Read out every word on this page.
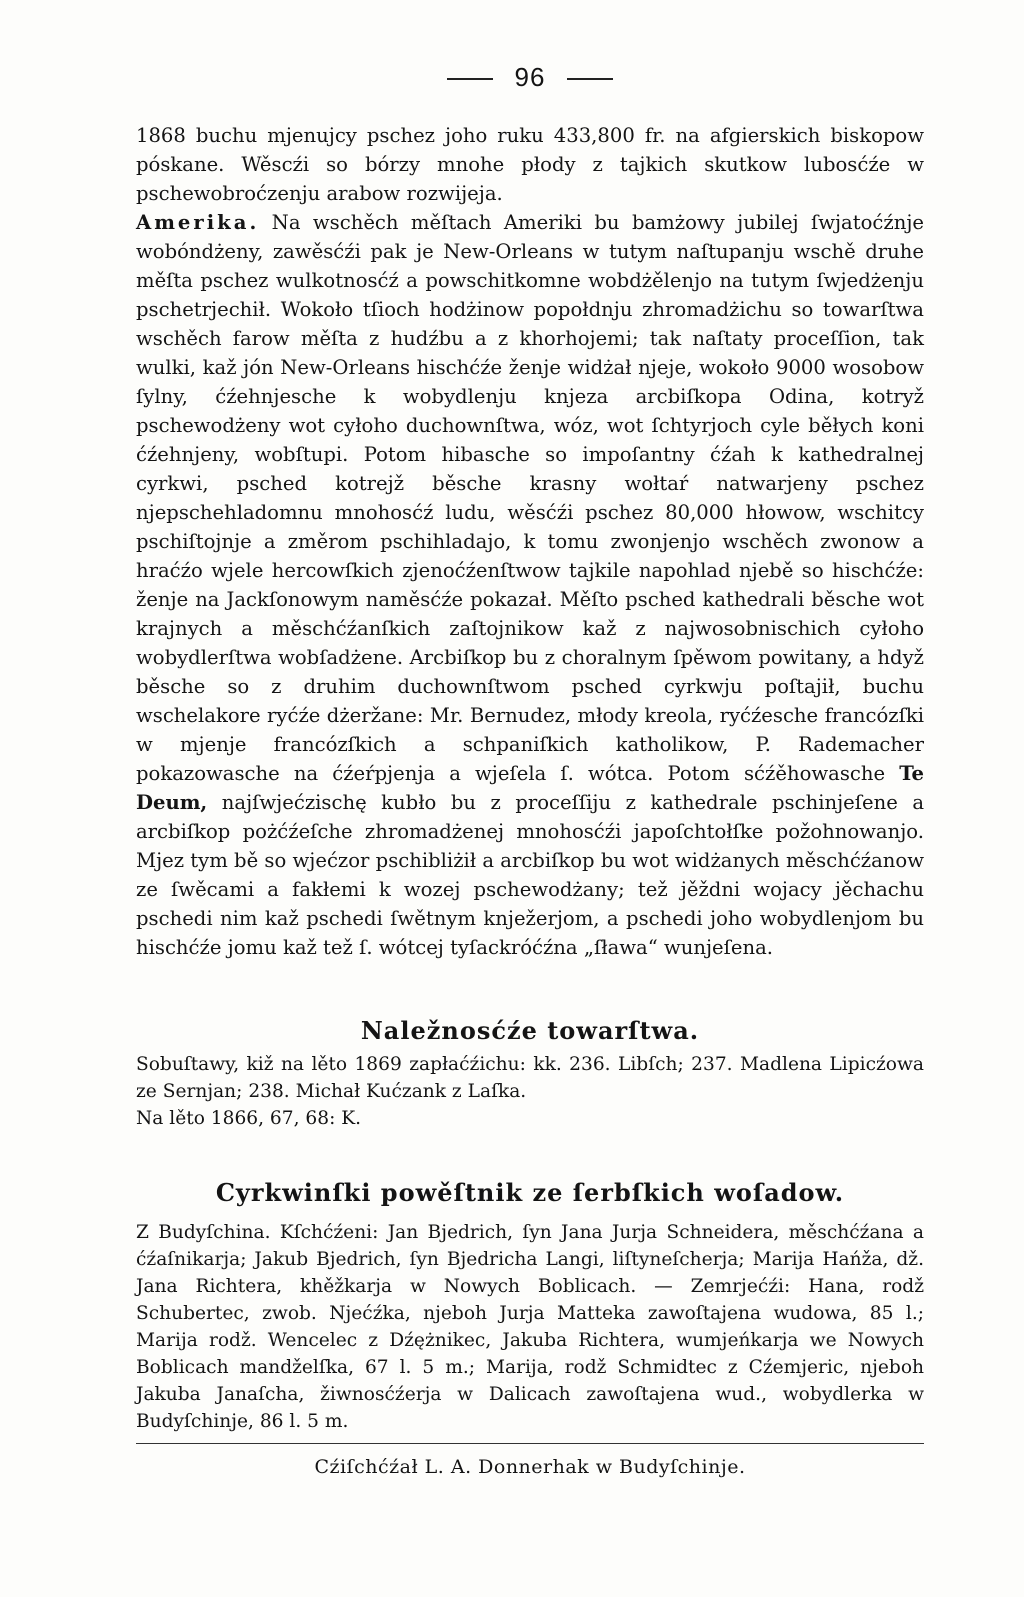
96

1868 buchu mjenujcy pschez joho ruku 433,800 fr. na afgierskich biskopow póskane. Wěscźi so bórzy mnohe płody z tajkich skutkow lubosćźe w pschewobroćzenju arabow rozwijeja.

Amerika. Na wschěch měſtach Ameriki bu bamżowy jubilej ſwjatoćźnje wobóndżeny, zawěsćźi pak je New-Orleans w tutym naſtupanju wschě druhe měſta pschez wulkotnosćź a powschitkomne wobdżělenjo na tutym ſwjedżenju pschetrjechił. Wokoło tſioch hodżinow popołdnju zhromadżichu so towarſtwa wschěch farow měſta z hudźbu a z khorhojemi; tak naſtaty proceſſion, tak wulki, kaž jón New-Orleans hischćźe ženje widżał njeje, wokoło 9000 wosobow ſylny, ćźehnjesche k wobydlenju knjeza arcbiſkopa Odina, kotryž pschewodżeny wot cyłoho duchownſtwa, wóz, wot ſchtyrjoch cyle běłych koni ćźehnjeny, wobſtupi. Potom hibasche so impoſantny ćźah k kathedralnej cyrkwi, psched kotrejž běsche krasny wołtaŕ natwarjeny pschez njepschehladomnu mnohosćź ludu, wěsćźi pschez 80,000 hłowow, wschitcy pschiſtojnje a změrom pschihladajo, k tomu zwonjenjo wschěch zwonow a hraćźo wjele hercowſkich zjenoćźenſtwow tajkile napohlad njebě so hischćźe: ženje na Jackſonowym naměsćźe pokazał. Měſto psched kathedrali běsche wot krajnych a měschćźanſkich zaſtojnikow kaž z najwosobnischich cyłoho wobydlerſtwa wobſadżene. Arcbiſkop bu z choralnym ſpěwom powitany, a hdyž běsche so z druhim duchownſtwom psched cyrkwju poſtajił, buchu wschelakore ryćźe dżeržane: Mr. Bernudez, młody kreola, ryćźesche francózſki w mjenje francózſkich a schpaniſkich katholikow, P. Rademacher pokazowasche na ćźeŕpjenja a wjeſela ſ. wótca. Potom sćźěhowasche Te Deum, najſwjećzischę kubło bu z proceſſiju z kathedrale pschinjeſene a arcbiſkop pożćźeſche zhromadżenej mnohosćźi japoſchtołſke požohnowanjo. Mjez tym bě so wjećzor pschibliżił a arcbiſkop bu wot widżanych měschćźanow ze ſwěcami a fakłemi k wozej pschewodżany; tež jěždni wojacy jěchachu pschedi nim kaž pschedi ſwětnym knježerjom, a pschedi joho wobydlenjom bu hischćźe jomu kaž tež ſ. wótcej tyſackróćźna „ſława“ wunjeſena.

Naležnosćźe towarſtwa.

Sobuſtawy, kiž na lěto 1869 zapłaćźichu: kk. 236. Libſch; 237. Madlena Lipicźowa ze Sernjan; 238. Michał Kućzank z Laſka.

Na lěto 1866, 67, 68: K.

Cyrkwinſki powěſtnik ze ſerbſkich woſadow.

Z Budyſchina. Kſchćźeni: Jan Bjedrich, ſyn Jana Jurja Schneidera, měschćźana a ćźaſnikarja; Jakub Bjedrich, ſyn Bjedricha Langi, liſtyneſcherja; Marija Hańža, dž. Jana Richtera, khěžkarja w Nowych Boblicach. — Zemrjećźi: Hana, rodž Schubertec, zwob. Njećźka, njeboh Jurja Matteka zawoſtajena wudowa, 85 l.; Marija rodž. Wencelec z Dźężnikec, Jakuba Richtera, wumjeńkarja we Nowych Boblicach mandželſka, 67 l. 5 m.; Marija, rodž Schmidtec z Cźemjeric, njeboh Jakuba Janaſcha, žiwnosćźerja w Dalicach zawoſtajena wud., wobydlerka w Budyſchinje, 86 l. 5 m.

Cźiſchćźał L. A. Donnerhak w Budyſchinje.
